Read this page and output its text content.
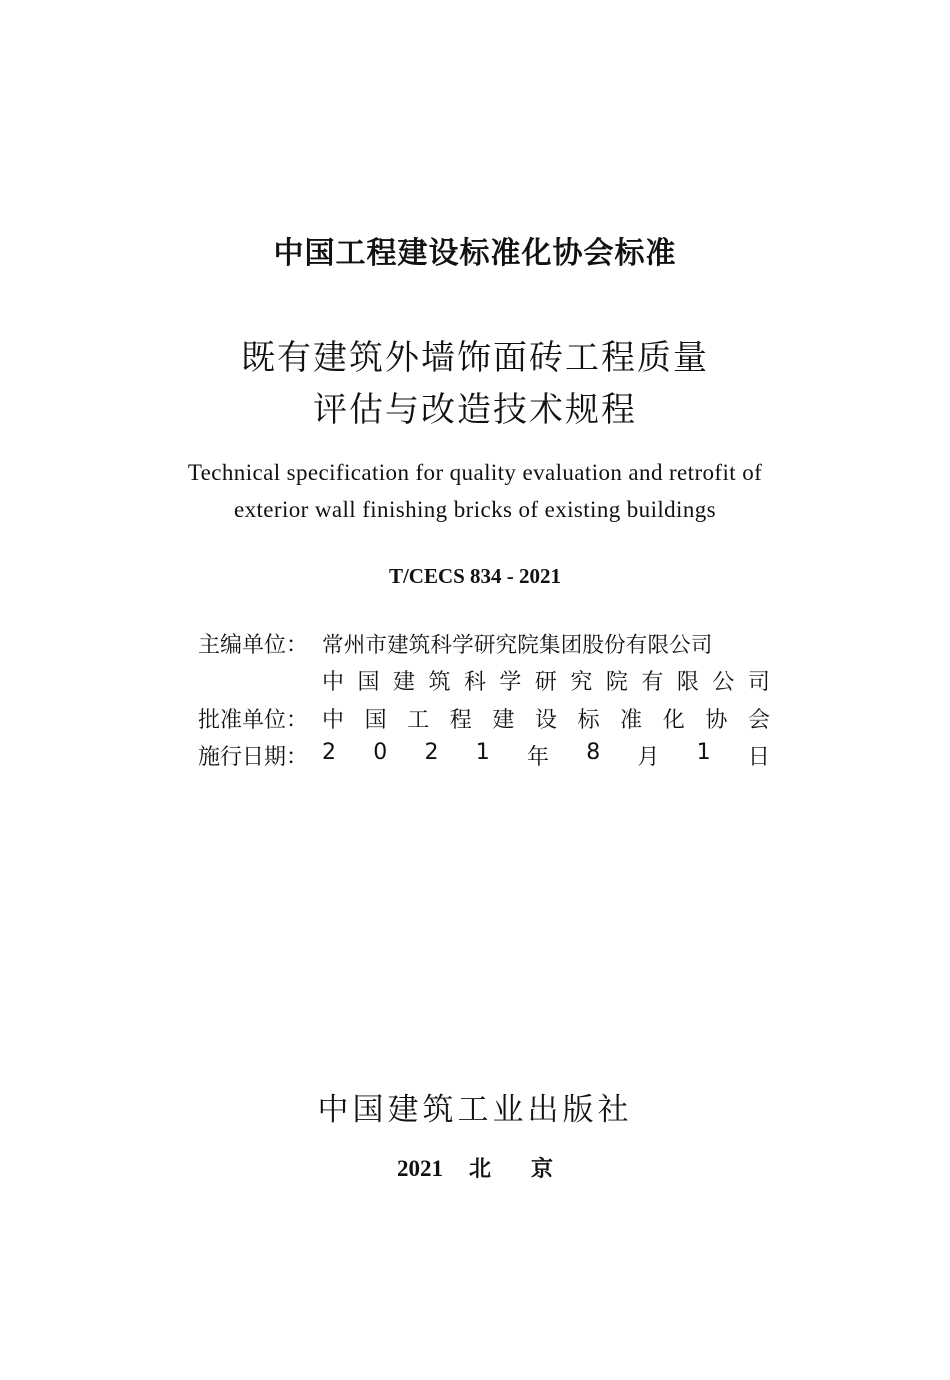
中国工程建设标准化协会标准
既有建筑外墙饰面砖工程质量
评估与改造技术规程
Technical specification for quality evaluation and retrofit of
exterior wall finishing bricks of existing buildings
T/CECS 834 - 2021
主编单位： 常州市建筑科学研究院集团股份有限公司
中 国 建 筑 科 学 研 究 院 有 限 公 司
批准单位： 中 国 工 程 建 设 标 准 化 协 会
施行日期： 2 0 2 1 年 8 月 1 日
中国建筑工业出版社
2021 北京
